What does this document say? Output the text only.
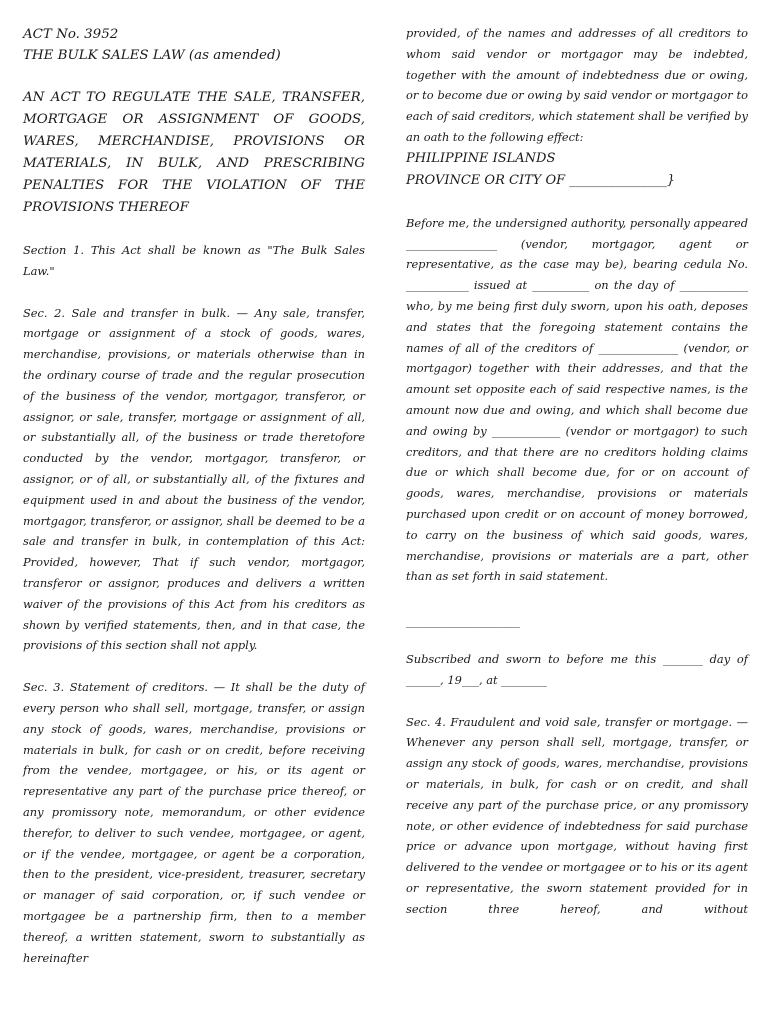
ACT No. 3952

THE BULK SALES LAW (as amended)

AN ACT TO REGULATE THE SALE, TRANSFER, MORTGAGE OR ASSIGNMENT OF GOODS, WARES, MERCHANDISE, PROVISIONS OR MATERIALS, IN BULK, AND PRESCRIBING PENALTIES FOR THE VIOLATION OF THE PROVISIONS THEREOF

Section 1. This Act shall be known as "The Bulk Sales Law."

Sec. 2. Sale and transfer in bulk. — Any sale, transfer, mortgage or assignment of a stock of goods, wares, merchandise, provisions, or materials otherwise than in the ordinary course of trade and the regular prosecution of the business of the vendor, mortgagor, transferor, or assignor, or sale, transfer, mortgage or assignment of all, or substantially all, of the business or trade theretofore conducted by the vendor, mortgagor, transferor, or assignor, or of all, or substantially all, of the fixtures and equipment used in and about the business of the vendor, mortgagor, transferor, or assignor, shall be deemed to be a sale and transfer in bulk, in contemplation of this Act: Provided, however, That if such vendor, mortgagor, transferor or assignor, produces and delivers a written waiver of the provisions of this Act from his creditors as shown by verified statements, then, and in that case, the provisions of this section shall not apply.

Sec. 3. Statement of creditors. — It shall be the duty of every person who shall sell, mortgage, transfer, or assign any stock of goods, wares, merchandise, provisions or materials in bulk, for cash or on credit, before receiving from the vendee, mortgagee, or his, or its agent or representative any part of the purchase price thereof, or any promissory note, memorandum, or other evidence therefor, to deliver to such vendee, mortgagee, or agent, or if the vendee, mortgagee, or agent be a corporation, then to the president, vice-president, treasurer, secretary or manager of said corporation, or, if such vendee or mortgagee be a partnership firm, then to a member thereof, a written statement, sworn to substantially as hereinafter

provided, of the names and addresses of all creditors to whom said vendor or mortgagor may be indebted, together with the amount of indebtedness due or owing, or to become due or owing by said vendor or mortgagor to each of said creditors, which statement shall be verified by an oath to the following effect:

PHILIPPINE ISLANDS

PROVINCE OR CITY OF _______________}

Before me, the undersigned authority, personally appeared ________________ (vendor, mortgagor, agent or representative, as the case may be), bearing cedula No. ___________ issued at __________ on the day of ____________ who, by me being first duly sworn, upon his oath, deposes and states that the foregoing statement contains the names of all of the creditors of ______________ (vendor, or mortgagor) together with their addresses, and that the amount set opposite each of said respective names, is the amount now due and owing, and which shall become due and owing by ____________ (vendor or mortgagor) to such creditors, and that there are no creditors holding claims due or which shall become due, for or on account of goods, wares, merchandise, provisions or materials purchased upon credit or on account of money borrowed, to carry on the business of which said goods, wares, merchandise, provisions or materials are a part, other than as set forth in said statement.

____________________

Subscribed and sworn to before me this _______ day of ______, 19___, at ________

Sec. 4. Fraudulent and void sale, transfer or mortgage. — Whenever any person shall sell, mortgage, transfer, or assign any stock of goods, wares, merchandise, provisions or materials, in bulk, for cash or on credit, and shall receive any part of the purchase price, or any promissory note, or other evidence of indebtedness for said purchase price or advance upon mortgage, without having first delivered to the vendee or mortgagee or to his or its agent or representative, the sworn statement provided for in section three hereof, and without
